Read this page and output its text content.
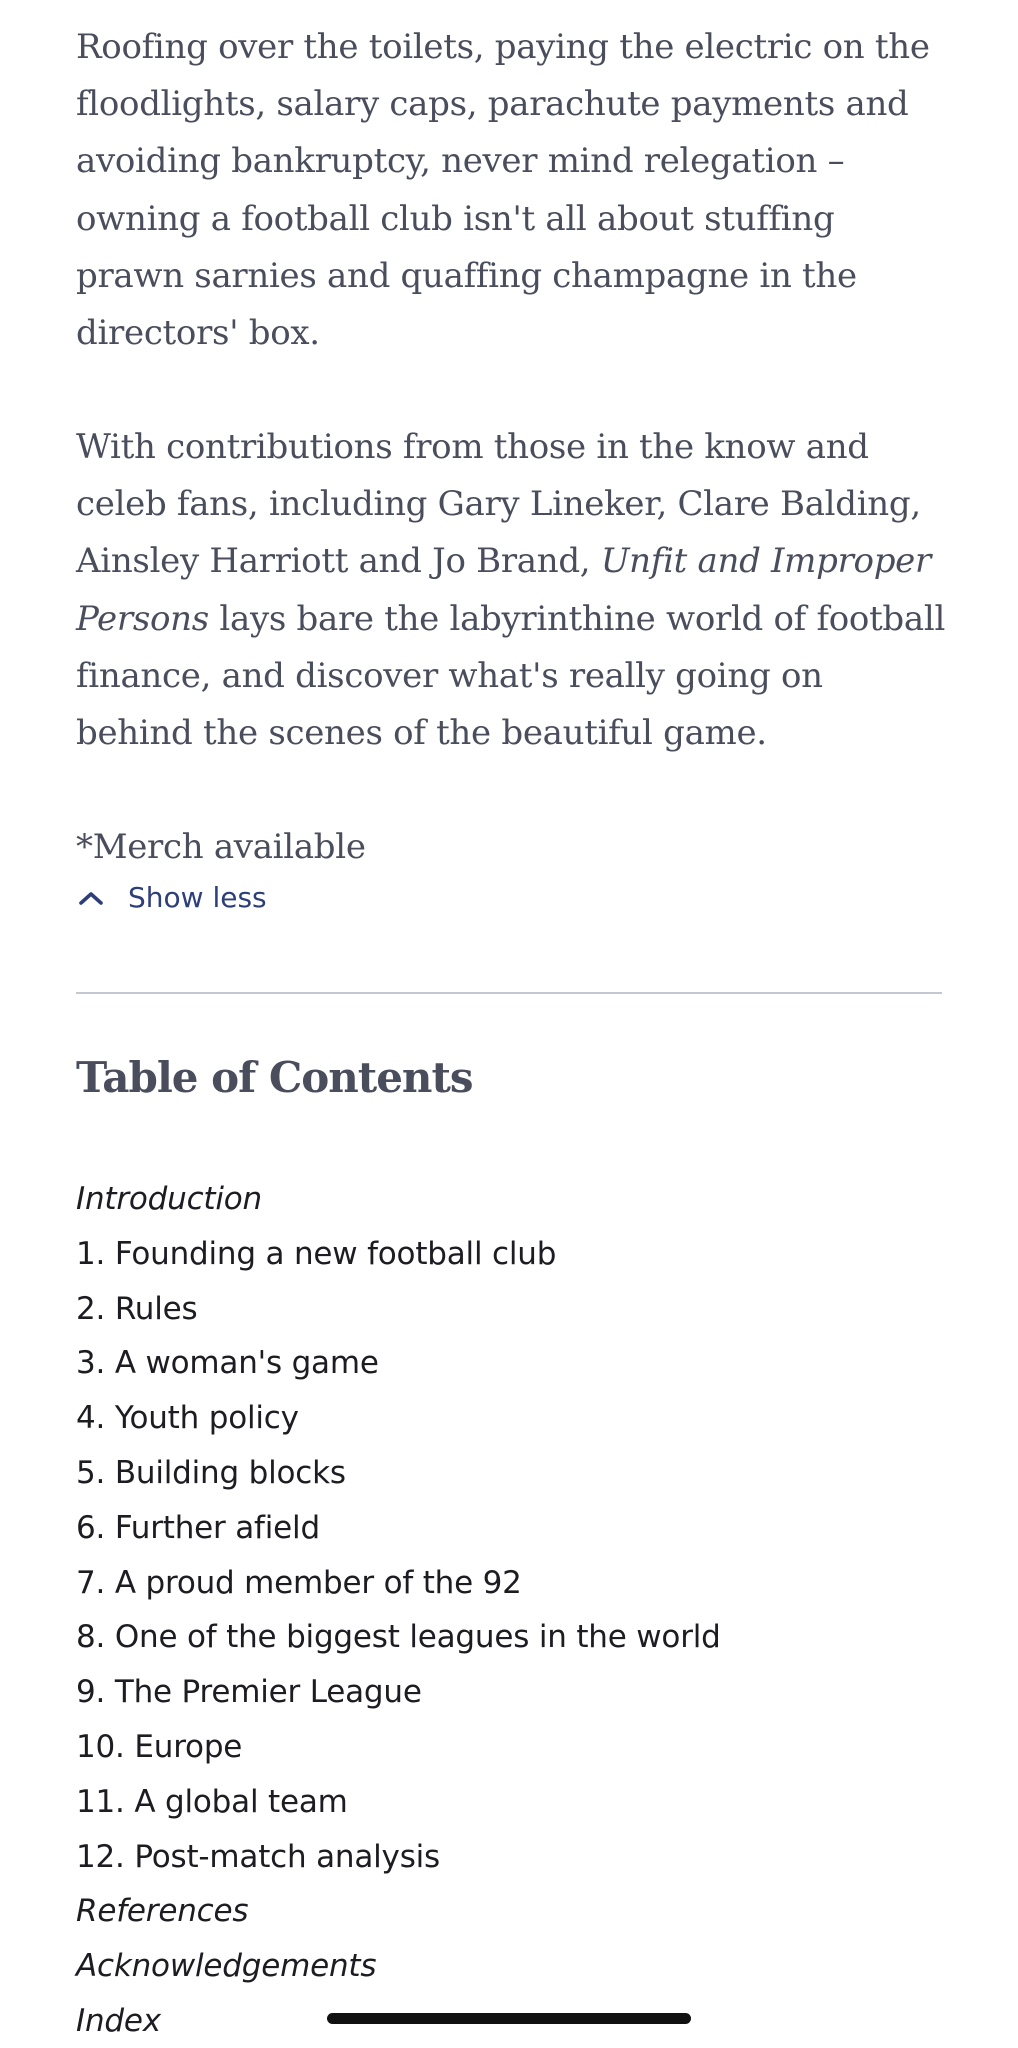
Roofing over the toilets, paying the electric on the floodlights, salary caps, parachute payments and avoiding bankruptcy, never mind relegation – owning a football club isn't all about stuffing prawn sarnies and quaffing champagne in the directors' box.

With contributions from those in the know and celeb fans, including Gary Lineker, Clare Balding, Ainsley Harriott and Jo Brand, Unfit and Improper Persons lays bare the labyrinthine world of football finance, and discover what's really going on behind the scenes of the beautiful game.

*Merch available

Show less
Table of Contents
Introduction
1. Founding a new football club
2. Rules
3. A woman's game
4. Youth policy
5. Building blocks
6. Further afield
7. A proud member of the 92
8. One of the biggest leagues in the world
9. The Premier League
10. Europe
11. A global team
12. Post-match analysis
References
Acknowledgements
Index
